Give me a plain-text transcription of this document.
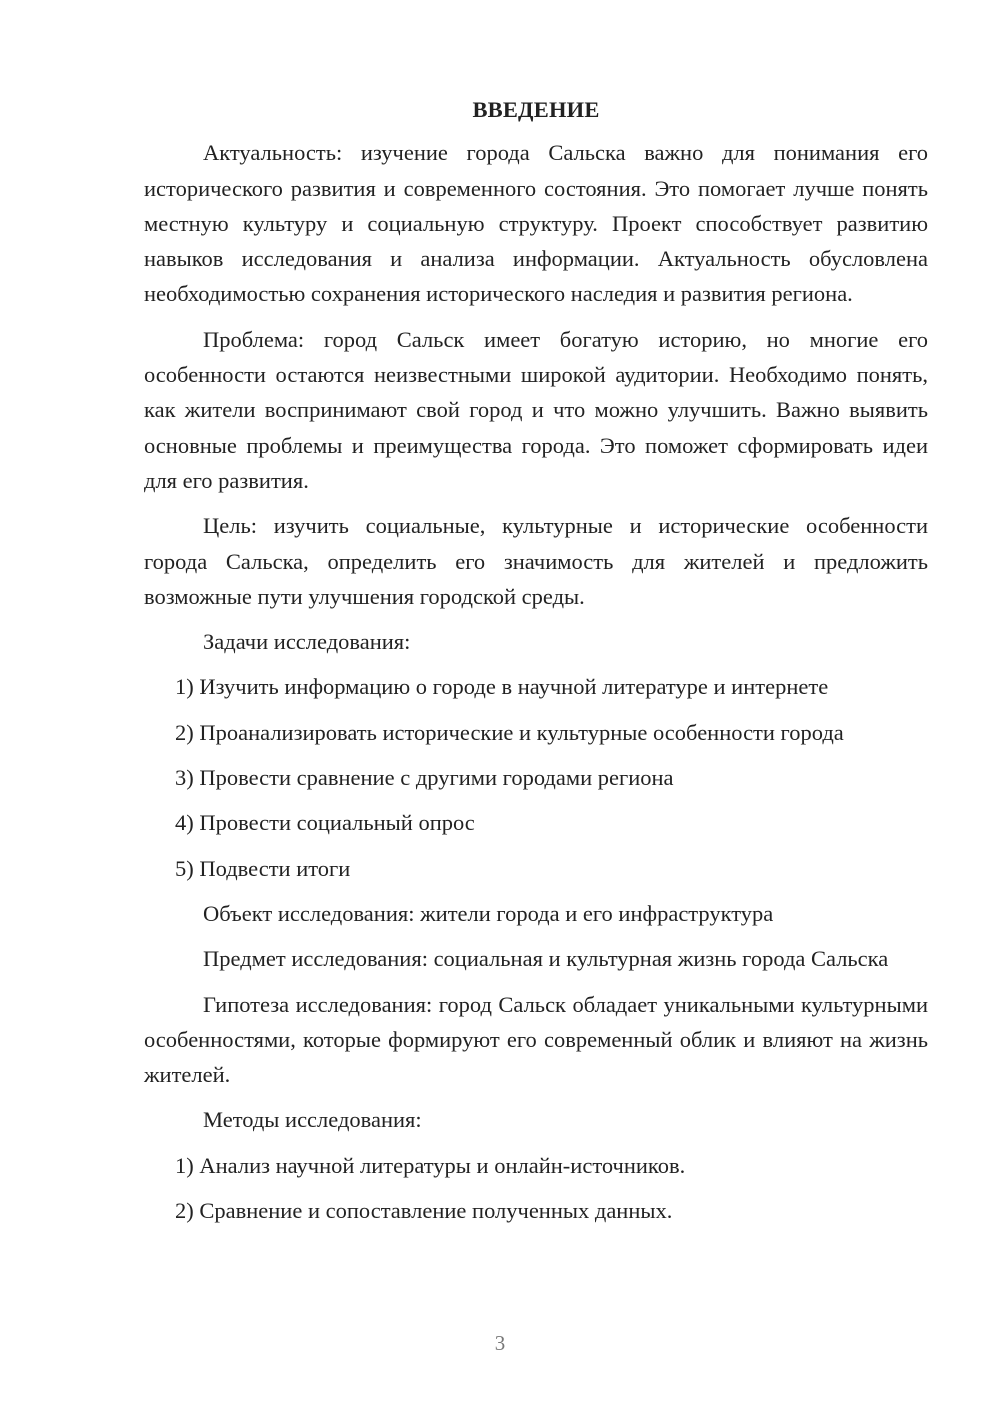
ВВЕДЕНИЕ

Актуальность: изучение города Сальска важно для понимания его исторического развития и современного состояния. Это помогает лучше понять местную культуру и социальную структуру. Проект способствует развитию навыков исследования и анализа информации. Актуальность обусловлена необходимостью сохранения исторического наследия и развития региона.

Проблема: город Сальск имеет богатую историю, но многие его особенности остаются неизвестными широкой аудитории. Необходимо понять, как жители воспринимают свой город и что можно улучшить. Важно выявить основные проблемы и преимущества города. Это поможет сформировать идеи для его развития.

Цель: изучить социальные, культурные и исторические особенности города Сальска, определить его значимость для жителей и предложить возможные пути улучшения городской среды.

Задачи исследования:

1) Изучить информацию о городе в научной литературе и интернете

2) Проанализировать исторические и культурные особенности города

3) Провести сравнение с другими городами региона

4) Провести социальный опрос

5) Подвести итоги

Объект исследования: жители города и его инфраструктура

Предмет исследования: социальная и культурная жизнь города Сальска

Гипотеза исследования: город Сальск обладает уникальными культурными особенностями, которые формируют его современный облик и влияют на жизнь жителей.

Методы исследования:

1) Анализ научной литературы и онлайн-источников.

2) Сравнение и сопоставление полученных данных.

3
